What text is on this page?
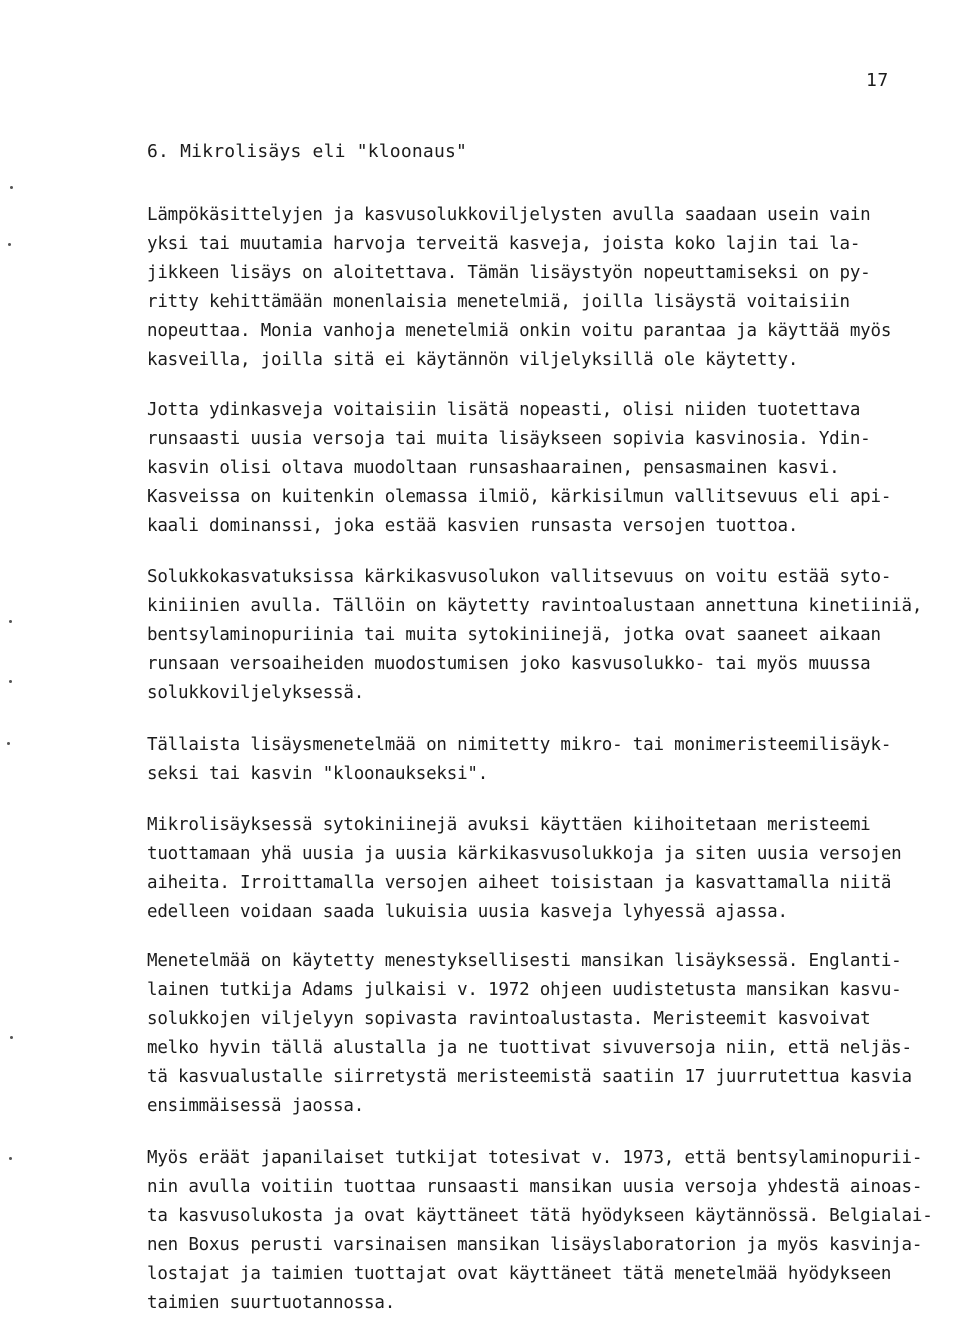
17
6. Mikrolisäys eli "kloonaus"
Lämpökäsittelyjen ja kasvusolukkoviljelysten avulla saadaan usein vain
yksi tai muutamia harvoja terveitä kasveja, joista koko lajin tai la-
jikkeen lisäys on aloitettava. Tämän lisäystyön nopeuttamiseksi on py-
ritty kehittämään monenlaisia menetelmiä, joilla lisäystä voitaisiin
nopeuttaa. Monia vanhoja menetelmiä onkin voitu parantaa ja käyttää myös
kasveilla, joilla sitä ei käytännön viljelyksillä ole käytetty.
Jotta ydinkasveja voitaisiin lisätä nopeasti, olisi niiden tuotettava
runsaasti uusia versoja tai muita lisäykseen sopivia kasvinosia. Ydin-
kasvin olisi oltava muodoltaan runsashaarainen, pensasmainen kasvi.
Kasveissa on kuitenkin olemassa ilmiö, kärkisilmun vallitsevuus eli api-
kaali dominanssi, joka estää kasvien runsasta versojen tuottoa.
Solukkokasvatuksissa kärkikasvusolukon vallitsevuus on voitu estää syto-
kiniinien avulla. Tällöin on käytetty ravintoalustaan annettuna kinetiiniä,
bentsylaminopuriinia tai muita sytokiniinejä, jotka ovat saaneet aikaan
runsaan versoaiheiden muodostumisen joko kasvusolukko- tai myös muussa
solukkoviljelyksessä.
Tällaista lisäysmenetelmää on nimitetty mikro- tai monimeristeemilisäyk-
seksi tai kasvin "kloonaukseksi".
Mikrolisäyksessä sytokiniinejä avuksi käyttäen kiihoitetaan meristeemi
tuottamaan yhä uusia ja uusia kärkikasvusolukkoja ja siten uusia versojen
aiheita. Irroittamalla versojen aiheet toisistaan ja kasvattamalla niitä
edelleen voidaan saada lukuisia uusia kasveja lyhyessä ajassa.
Menetelmää on käytetty menestyksellisesti mansikan lisäyksessä. Englanti-
lainen tutkija Adams julkaisi v. 1972 ohjeen uudistetusta mansikan kasvu-
solukkojen viljelyyn sopivasta ravintoalustasta. Meristeemit kasvoivat
melko hyvin tällä alustalla ja ne tuottivat sivuversoja niin, että neljäs-
tä kasvualustalle siirretystä meristeemistä saatiin 17 juurrutettua kasvia
ensimmäisessä jaossa.
Myös eräät japanilaiset tutkijat totesivat v. 1973, että bentsylaminopurii-
nin avulla voitiin tuottaa runsaasti mansikan uusia versoja yhdestä ainoas-
ta kasvusolukosta ja ovat käyttäneet tätä hyödykseen käytännössä. Belgialai-
nen Boxus perusti varsinaisen mansikan lisäyslaboratorion ja myös kasvinja-
lostajat ja taimien tuottajat ovat käyttäneet tätä menetelmää hyödykseen
taimien suurtuotannossa.
